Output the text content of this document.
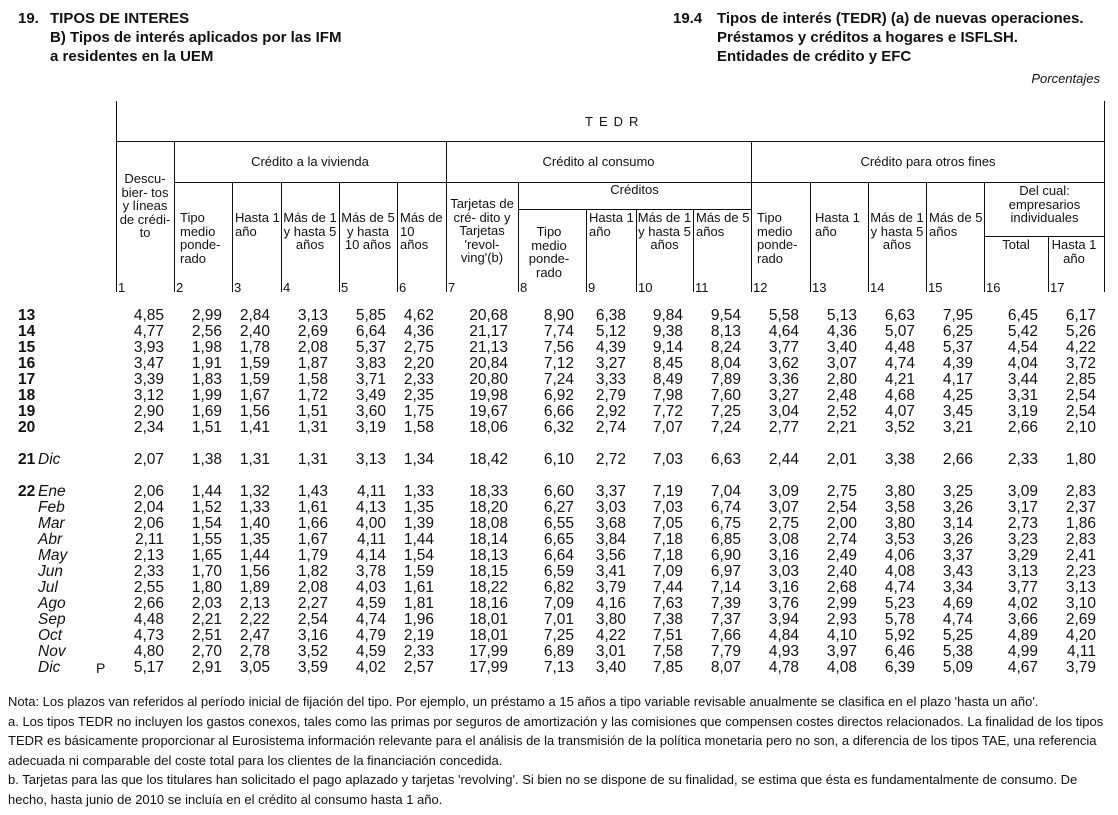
19. TIPOS DE INTERES
B) Tipos de interés aplicados por las IFM
a residentes en la UEM
19.4 Tipos de interés (TEDR) (a) de nuevas operaciones.
Préstamos y créditos a hogares e ISFLSH.
Entidades de crédito y EFC
Porcentajes
TEDR
Crédito a la vivienda	Crédito al consumo	Crédito para otros fines
Créditos	Del cual: empresarios individuales
Descu- bier- tos y líneas de crédi- to
Tipo medio ponde- rado
Hasta 1 año
Más de 1 y hasta 5 años
Más de 5 y hasta 10 años
Más de 10 años
Tarjetas de cré- dito y Tarjetas 'revol- ving'(b)
Tipo medio ponde- rado
Hasta 1 año
Más de 1 y hasta 5 años
Más de 5 años
Tipo medio ponde- rado
Hasta 1 año
Más de 1 y hasta 5 años
Más de 5 años
Total	Hasta 1 año
1	2	3	4	5	6	7	8	9	10	11	12	13	14	15	16	17
13	4,85	2,99	2,84	3,13	5,85	4,62	20,68	8,90	6,38	9,84	9,54	5,58	5,13	6,63	7,95	6,45	6,17
14	4,77	2,56	2,40	2,69	6,64	4,36	21,17	7,74	5,12	9,38	8,13	4,64	4,36	5,07	6,25	5,42	5,26
15	3,93	1,98	1,78	2,08	5,37	2,75	21,13	7,56	4,39	9,14	8,24	3,77	3,40	4,48	5,37	4,54	4,22
16	3,47	1,91	1,59	1,87	3,83	2,20	20,84	7,12	3,27	8,45	8,04	3,62	3,07	4,74	4,39	4,04	3,72
17	3,39	1,83	1,59	1,58	3,71	2,33	20,80	7,24	3,33	8,49	7,89	3,36	2,80	4,21	4,17	3,44	2,85
18	3,12	1,99	1,67	1,72	3,49	2,35	19,98	6,92	2,79	7,98	7,60	3,27	2,48	4,68	4,25	3,31	2,54
19	2,90	1,69	1,56	1,51	3,60	1,75	19,67	6,66	2,92	7,72	7,25	3,04	2,52	4,07	3,45	3,19	2,54
20	2,34	1,51	1,41	1,31	3,19	1,58	18,06	6,32	2,74	7,07	7,24	2,77	2,21	3,52	3,21	2,66	2,10
21 Dic	2,07	1,38	1,31	1,31	3,13	1,34	18,42	6,10	2,72	7,03	6,63	2,44	2,01	3,38	2,66	2,33	1,80
22 Ene	2,06	1,44	1,32	1,43	4,11	1,33	18,33	6,60	3,37	7,19	7,04	3,09	2,75	3,80	3,25	3,09	2,83
Feb	2,04	1,52	1,33	1,61	4,13	1,35	18,20	6,27	3,03	7,03	6,74	3,07	2,54	3,58	3,26	3,17	2,37
Mar	2,06	1,54	1,40	1,66	4,00	1,39	18,08	6,55	3,68	7,05	6,75	2,75	2,00	3,80	3,14	2,73	1,86
Abr	2,11	1,55	1,35	1,67	4,11	1,44	18,14	6,65	3,84	7,18	6,85	3,08	2,74	3,53	3,26	3,23	2,83
May	2,13	1,65	1,44	1,79	4,14	1,54	18,13	6,64	3,56	7,18	6,90	3,16	2,49	4,06	3,37	3,29	2,41
Jun	2,33	1,70	1,56	1,82	3,78	1,59	18,15	6,59	3,41	7,09	6,97	3,03	2,40	4,08	3,43	3,13	2,23
Jul	2,55	1,80	1,89	2,08	4,03	1,61	18,22	6,82	3,79	7,44	7,14	3,16	2,68	4,74	3,34	3,77	3,13
Ago	2,66	2,03	2,13	2,27	4,59	1,81	18,16	7,09	4,16	7,63	7,39	3,76	2,99	5,23	4,69	4,02	3,10
Sep	4,48	2,21	2,22	2,54	4,74	1,96	18,01	7,01	3,80	7,38	7,37	3,94	2,93	5,78	4,74	3,66	2,69
Oct	4,73	2,51	2,47	3,16	4,79	2,19	18,01	7,25	4,22	7,51	7,66	4,84	4,10	5,92	5,25	4,89	4,20
Nov	4,80	2,70	2,78	3,52	4,59	2,33	17,99	6,89	3,01	7,58	7,79	4,93	3,97	6,46	5,38	4,99	4,11
Dic	P	5,17	2,91	3,05	3,59	4,02	2,57	17,99	7,13	3,40	7,85	8,07	4,78	4,08	6,39	5,09	4,67	3,79

Nota: Los plazos van referidos al período inicial de fijación del tipo. Por ejemplo, un préstamo a 15 años a tipo variable revisable anualmente se clasifica en el plazo 'hasta un año'.

a. Los tipos TEDR no incluyen los gastos conexos, tales como las primas por seguros de amortización y las comisiones que compensen costes directos relacionados. La finalidad de los tipos TEDR es básicamente proporcionar al Eurosistema información relevante para el análisis de la transmisión de la política monetaria pero no son, a diferencia de los tipos TAE, una referencia adecuada ni comparable del coste total para los clientes de la financiación concedida.

b. Tarjetas para las que los titulares han solicitado el pago aplazado y tarjetas 'revolving'. Si bien no se dispone de su finalidad, se estima que ésta es fundamentalmente de consumo. De hecho, hasta junio de 2010 se incluía en el crédito al consumo hasta 1 año.
